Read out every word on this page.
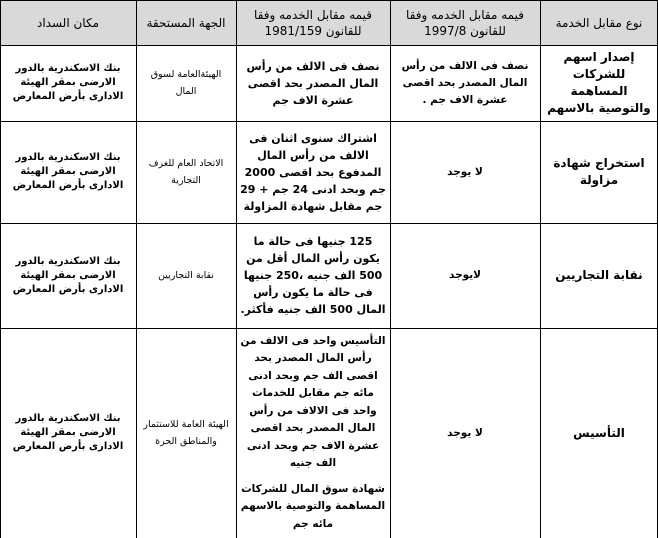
نوع مقابل الخدمة
فيمه مقابل الخدمه وفقا للقانون 1997/8
قيمه مقابل الخدمه وفقا للقانون 1981/159
الجهة المستحقة
مكان السداد
إصدار اسهم للشركات المساهمة والتوصية بالاسهم
نصف فى الالف من رأس المال المصدر بحد اقصى عشرة الاف جم .

نصف فى الالف من رأس المال المصدر بحد اقصى عشرة الاف جم

الهيئةالعامة لسوق المال
بنك الاسكندرية بالدور الارضى بمقر الهيئة الادارى بأرض المعارض
استخراج شهادة مزاولة
لا يوجد

اشتراك سنوى اثنان فى الالف من رأس المال المدفوع بحد اقصى 2000 جم وبحد ادنى 24 جم + 29 جم مقابل شهادة المزاولة

الاتحاد العام للغرف التجارية
بنك الاسكندرية بالدور الارضى بمقر الهيئة الادارى بأرض المعارض
نقابة التجاريين
لايوجد

125 جنيها فى حالة ما يكون رأس المال أقل من 500 الف جنيه ،250 جنيها فى حالة ما يكون رأس المال 500 الف جنيه فأكثر.

نقابة التجاريين
بنك الاسكندرية بالدور الارضى بمقر الهيئة الادارى بأرض المعارض
التأسيس
لا يوجد

التأسيس واحد فى الالف من رأس المال المصدر بحد اقصى الف جم وبحد ادنى مائه جم مقابل للخدمات واحد فى الالاف من رأس المال المصدر بحد اقصى عشرة الاف جم وبحد ادنى الف جنيه

شهادة سوق المال للشركات المساهمة والتوصية بالاسهم مائه جم

الهيئة العامة للاستثمار والمناطق الحرة
بنك الاسكندرية بالدور الارضى بمقر الهيئة الادارى بأرض المعارض
